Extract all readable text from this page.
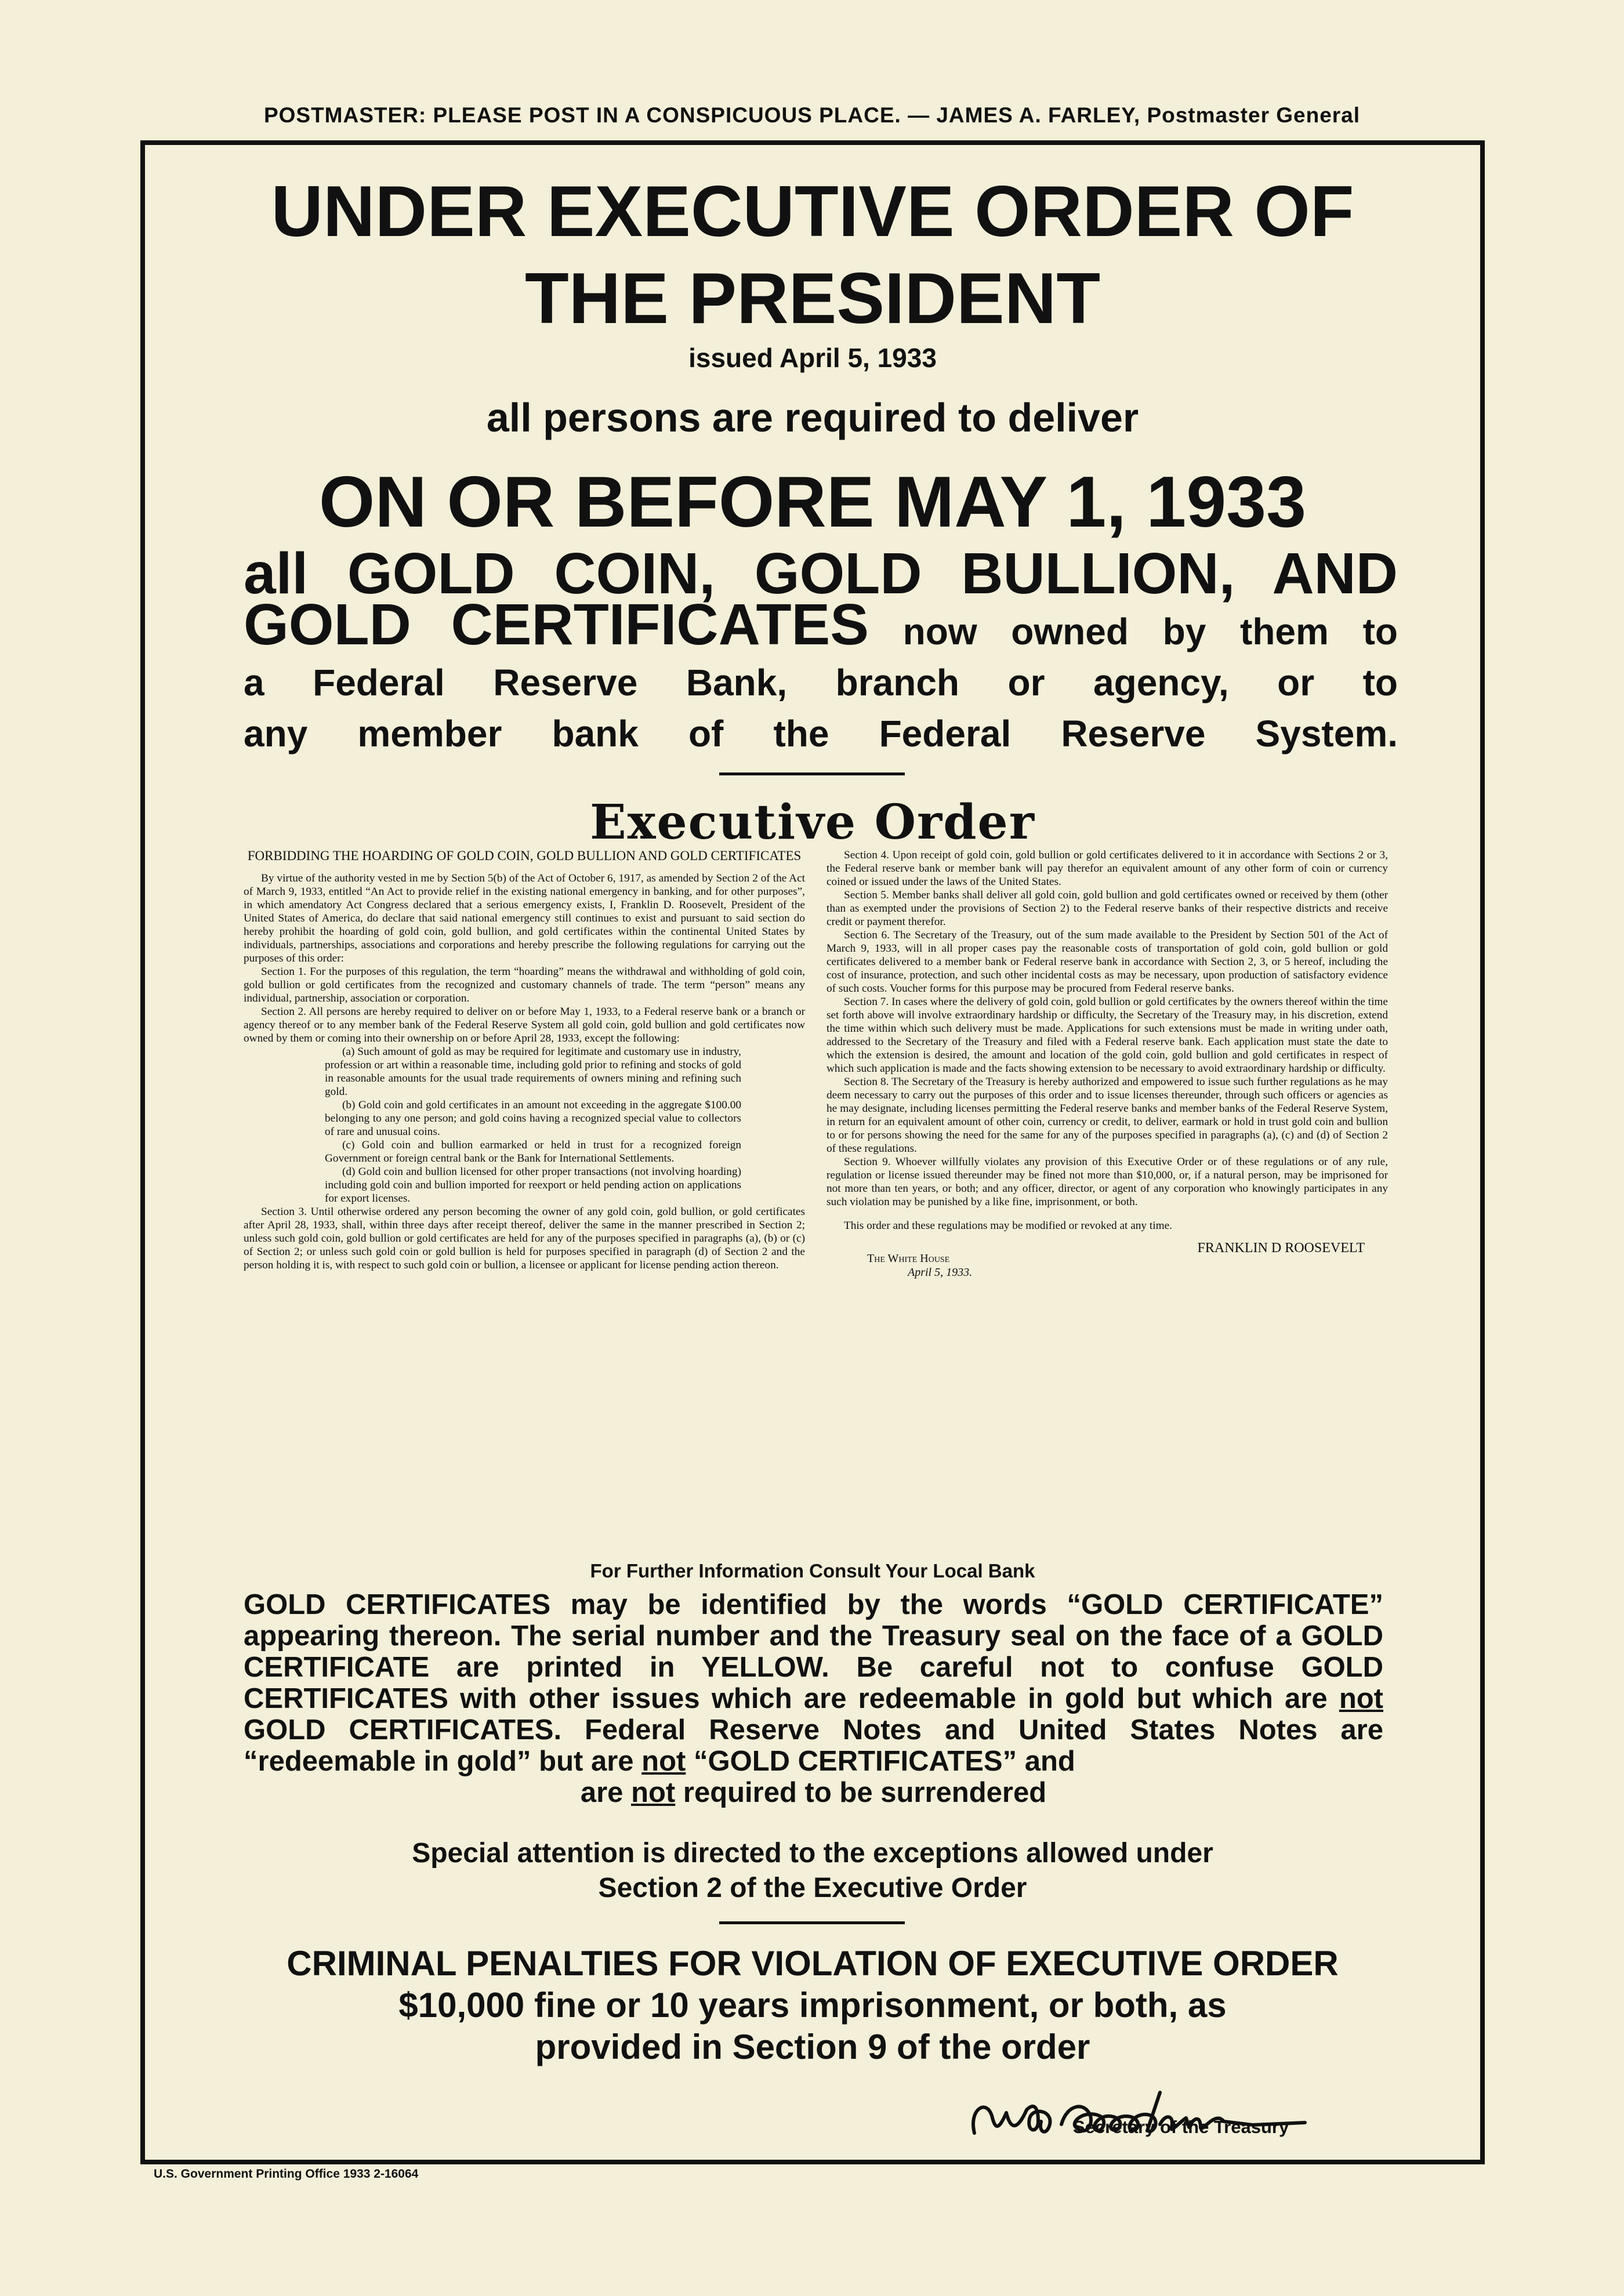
POSTMASTER: PLEASE POST IN A CONSPICUOUS PLACE. — JAMES A. FARLEY, Postmaster General
UNDER EXECUTIVE ORDER OF
THE PRESIDENT
issued April 5, 1933
all persons are required to deliver
ON OR BEFORE MAY 1, 1933
all GOLD COIN, GOLD BULLION, AND
GOLD CERTIFICATES now owned by them to
a Federal Reserve Bank, branch or agency, or to
any member bank of the Federal Reserve System.
Executive Order

FORBIDDING THE HOARDING OF GOLD COIN, GOLD BULLION AND GOLD CERTIFICATES

By virtue of the authority vested in me by Section 5(b) of the Act of October 6, 1917, as amended by Section 2 of the Act of March 9, 1933, entitled “An Act to provide relief in the existing national emergency in banking, and for other purposes”, in which amendatory Act Congress declared that a serious emergency exists, I, Franklin D. Roosevelt, President of the United States of America, do declare that said national emergency still continues to exist and pursuant to said section do hereby prohibit the hoarding of gold coin, gold bullion, and gold certificates within the continental United States by individuals, partnerships, associations and corporations and hereby prescribe the following regulations for carrying out the purposes of this order:

Section 1. For the purposes of this regulation, the term “hoarding” means the withdrawal and withholding of gold coin, gold bullion or gold certificates from the recognized and customary channels of trade. The term “person” means any individual, partnership, association or corporation.

Section 2. All persons are hereby required to deliver on or before May 1, 1933, to a Federal reserve bank or a branch or agency thereof or to any member bank of the Federal Reserve System all gold coin, gold bullion and gold certificates now owned by them or coming into their ownership on or before April 28, 1933, except the following:

(a) Such amount of gold as may be required for legitimate and customary use in industry, profession or art within a reasonable time, including gold prior to refining and stocks of gold in reasonable amounts for the usual trade requirements of owners mining and refining such gold.

(b) Gold coin and gold certificates in an amount not exceeding in the aggregate $100.00 belonging to any one person; and gold coins having a recognized special value to collectors of rare and unusual coins.

(c) Gold coin and bullion earmarked or held in trust for a recognized foreign Government or foreign central bank or the Bank for International Settlements.

(d) Gold coin and bullion licensed for other proper transactions (not involving hoarding) including gold coin and bullion imported for reexport or held pending action on applications for export licenses.

Section 3. Until otherwise ordered any person becoming the owner of any gold coin, gold bullion, or gold certificates after April 28, 1933, shall, within three days after receipt thereof, deliver the same in the manner prescribed in Section 2; unless such gold coin, gold bullion or gold certificates are held for any of the purposes specified in paragraphs (a), (b) or (c) of Section 2; or unless such gold coin or gold bullion is held for purposes specified in paragraph (d) of Section 2 and the person holding it is, with respect to such gold coin or bullion, a licensee or applicant for license pending action thereon.

Section 4. Upon receipt of gold coin, gold bullion or gold certificates delivered to it in accordance with Sections 2 or 3, the Federal reserve bank or member bank will pay therefor an equivalent amount of any other form of coin or currency coined or issued under the laws of the United States.

Section 5. Member banks shall deliver all gold coin, gold bullion and gold certificates owned or received by them (other than as exempted under the provisions of Section 2) to the Federal reserve banks of their respective districts and receive credit or payment therefor.

Section 6. The Secretary of the Treasury, out of the sum made available to the President by Section 501 of the Act of March 9, 1933, will in all proper cases pay the reasonable costs of transportation of gold coin, gold bullion or gold certificates delivered to a member bank or Federal reserve bank in accordance with Section 2, 3, or 5 hereof, including the cost of insurance, protection, and such other incidental costs as may be necessary, upon production of satisfactory evidence of such costs. Voucher forms for this purpose may be procured from Federal reserve banks.

Section 7. In cases where the delivery of gold coin, gold bullion or gold certificates by the owners thereof within the time set forth above will involve extraordinary hardship or difficulty, the Secretary of the Treasury may, in his discretion, extend the time within which such delivery must be made. Applications for such extensions must be made in writing under oath, addressed to the Secretary of the Treasury and filed with a Federal reserve bank. Each application must state the date to which the extension is desired, the amount and location of the gold coin, gold bullion and gold certificates in respect of which such application is made and the facts showing extension to be necessary to avoid extraordinary hardship or difficulty.

Section 8. The Secretary of the Treasury is hereby authorized and empowered to issue such further regulations as he may deem necessary to carry out the purposes of this order and to issue licenses thereunder, through such officers or agencies as he may designate, including licenses permitting the Federal reserve banks and member banks of the Federal Reserve System, in return for an equivalent amount of other coin, currency or credit, to deliver, earmark or hold in trust gold coin and bullion to or for persons showing the need for the same for any of the purposes specified in paragraphs (a), (c) and (d) of Section 2 of these regulations.

Section 9. Whoever willfully violates any provision of this Executive Order or of these regulations or of any rule, regulation or license issued thereunder may be fined not more than $10,000, or, if a natural person, may be imprisoned for not more than ten years, or both; and any officer, director, or agent of any corporation who knowingly participates in any such violation may be punished by a like fine, imprisonment, or both.

This order and these regulations may be modified or revoked at any time.

FRANKLIN D ROOSEVELT
The White House
April 5, 1933.
For Further Information Consult Your Local Bank
GOLD CERTIFICATES may be identified by the words “GOLD CERTIFICATE” appearing thereon. The serial number and the Treasury seal on the face of a GOLD CERTIFICATE are printed in YELLOW. Be careful not to confuse GOLD CERTIFICATES with other issues which are redeemable in gold but which are not GOLD CERTIFICATES. Federal Reserve Notes and United States Notes are “redeemable in gold” but are not “GOLD CERTIFICATES” and
are not required to be surrendered
Special attention is directed to the exceptions allowed under
Section 2 of the Executive Order
CRIMINAL PENALTIES FOR VIOLATION OF EXECUTIVE ORDER
$10,000 fine or 10 years imprisonment, or both, as
provided in Section 9 of the order
Secretary of the Treasury
U.S. Government Printing Office 1933 2-16064
